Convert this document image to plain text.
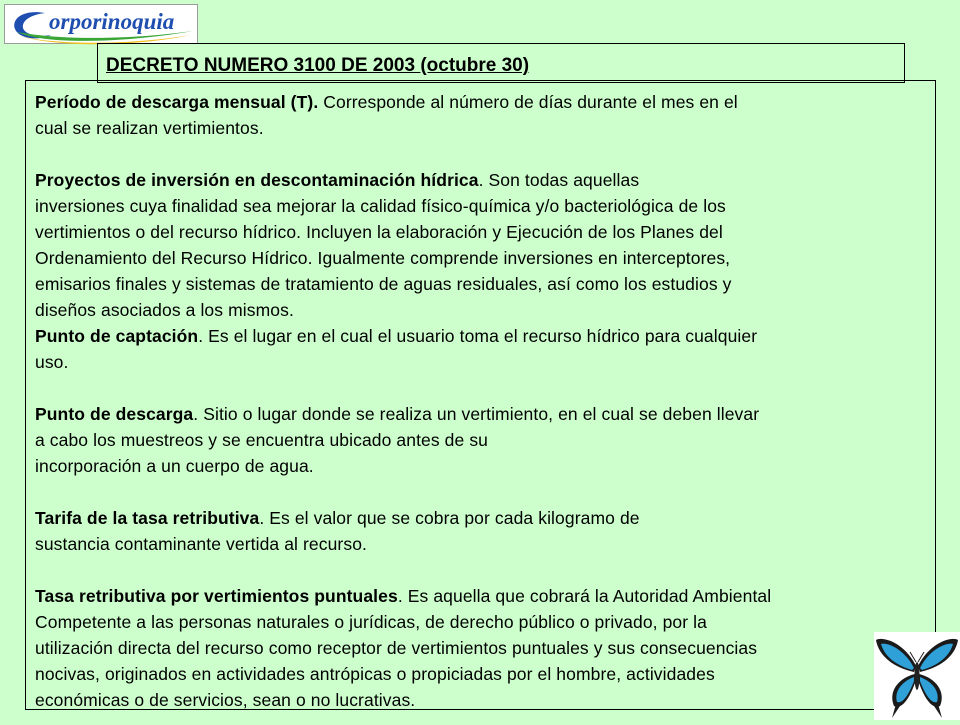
orporinoquia
DECRETO NUMERO 3100 DE 2003 (octubre 30)

Período de descarga mensual (T). Corresponde al número de días durante el mes en el
cual se realizan vertimientos.

Proyectos de inversión en descontaminación hídrica. Son todas aquellas
inversiones cuya finalidad sea mejorar la calidad físico-química y/o bacteriológica de los
vertimientos o del recurso hídrico. Incluyen la elaboración y Ejecución de los Planes del
Ordenamiento del Recurso Hídrico. Igualmente comprende inversiones en interceptores,
emisarios finales y sistemas de tratamiento de aguas residuales, así como los estudios y
diseños asociados a los mismos.

Punto de captación. Es el lugar en el cual el usuario toma el recurso hídrico para cualquier
uso.

Punto de descarga. Sitio o lugar donde se realiza un vertimiento, en el cual se deben llevar
a cabo los muestreos y se encuentra ubicado antes de su
incorporación a un cuerpo de agua.

Tarifa de la tasa retributiva. Es el valor que se cobra por cada kilogramo de
sustancia contaminante vertida al recurso.

Tasa retributiva por vertimientos puntuales. Es aquella que cobrará la Autoridad Ambiental
Competente a las personas naturales o jurídicas, de derecho público o privado, por la
utilización directa del recurso como receptor de vertimientos puntuales y sus consecuencias
nocivas, originados en actividades antrópicas o propiciadas por el hombre, actividades
económicas o de servicios, sean o no lucrativas.
